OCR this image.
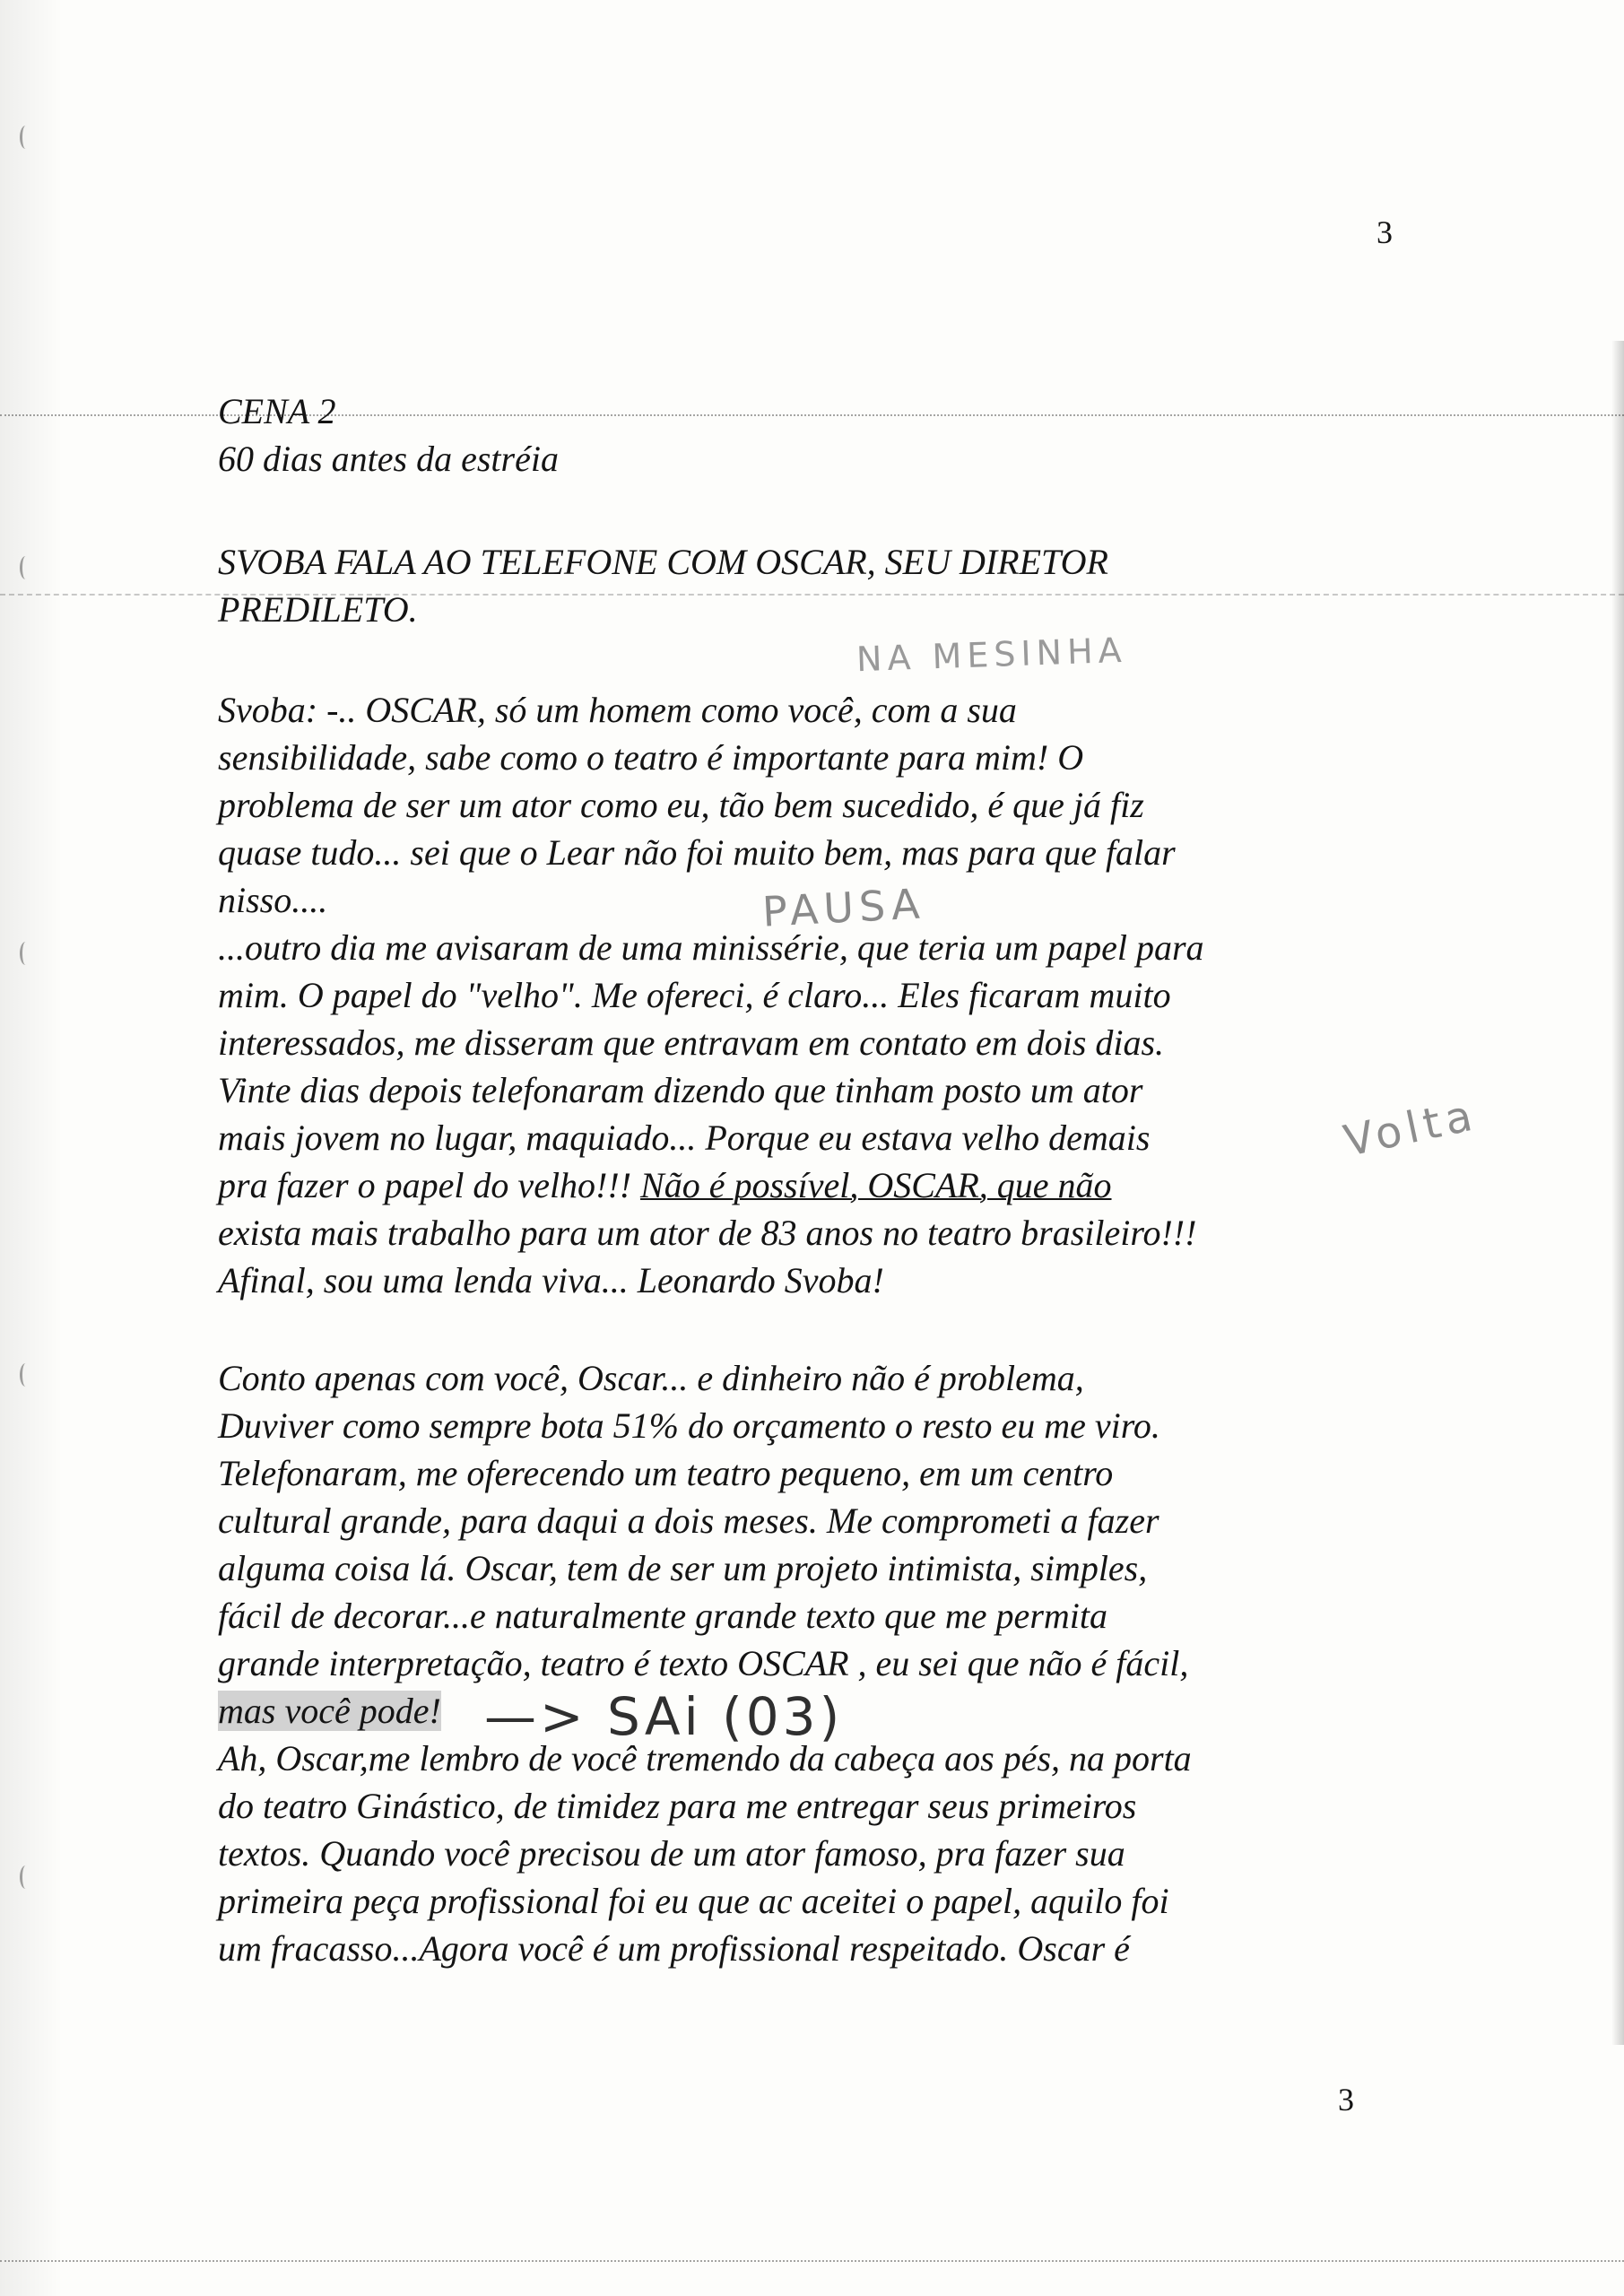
3
CENA 2
60 dias antes da estréia
SVOBA FALA AO TELEFONE COM OSCAR, SEU DIRETOR
PREDILETO.
Svoba: -.. OSCAR, só um homem como você, com a sua
sensibilidade, sabe como o teatro é importante para mim! O
problema de ser um ator como eu, tão bem sucedido, é que já fiz
quase tudo... sei que o Lear não foi muito bem, mas para que falar
nisso....
...outro dia me avisaram de uma minissérie, que teria um papel para
mim. O papel do "velho". Me ofereci, é claro... Eles ficaram muito
interessados, me disseram que entravam em contato em dois dias.
Vinte dias depois telefonaram dizendo que tinham posto um ator
mais jovem no lugar, maquiado... Porque eu estava velho demais
pra fazer o papel do velho!!! Não é possível, OSCAR, que não
exista mais trabalho para um ator de 83 anos no teatro brasileiro!!!
Afinal, sou uma lenda viva... Leonardo Svoba!
Conto apenas com você, Oscar... e dinheiro não é problema,
Duviver como sempre bota 51% do orçamento o resto eu me viro.
Telefonaram, me oferecendo um teatro pequeno, em um centro
cultural grande, para daqui a dois meses. Me comprometi a fazer
alguma coisa lá. Oscar, tem de ser um projeto intimista, simples,
fácil de decorar...e naturalmente grande texto que me permita
grande interpretação, teatro é texto OSCAR , eu sei que não é fácil,
mas você pode!
Ah, Oscar,me lembro de você tremendo da cabeça aos pés, na porta
do teatro Ginástico, de timidez para me entregar seus primeiros
textos. Quando você precisou de um ator famoso, pra fazer sua
primeira peça profissional foi eu que ac aceitei o papel, aquilo foi
um fracasso...Agora você é um profissional respeitado. Oscar é
NA MESINHA
PAUSA
Volta
—> SAi (03)
3
